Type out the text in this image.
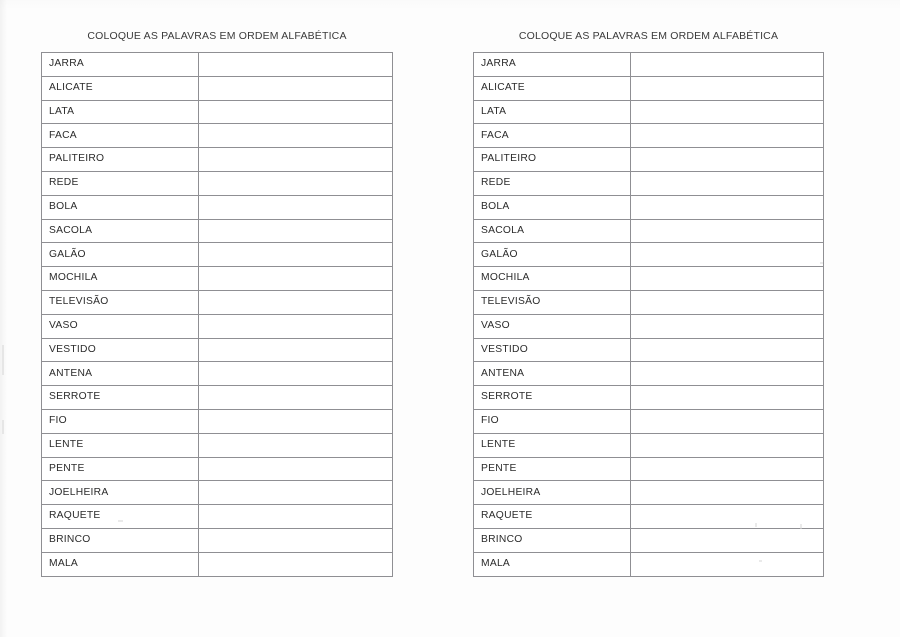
COLOQUE AS PALAVRAS EM ORDEM ALFABÉTICA
JARRA	
ALICATE	
LATA	
FACA	
PALITEIRO	
REDE	
BOLA	
SACOLA	
GALÃO	
MOCHILA	
TELEVISÃO	
VASO	
VESTIDO	
ANTENA	
SERROTE	
FIO	
LENTE	
PENTE	
JOELHEIRA	
RAQUETE	
BRINCO	
MALA	
COLOQUE AS PALAVRAS EM ORDEM ALFABÉTICA
JARRA	
ALICATE	
LATA	
FACA	
PALITEIRO	
REDE	
BOLA	
SACOLA	
GALÃO	
MOCHILA	
TELEVISÃO	
VASO	
VESTIDO	
ANTENA	
SERROTE	
FIO	
LENTE	
PENTE	
JOELHEIRA	
RAQUETE	
BRINCO	
MALA	
